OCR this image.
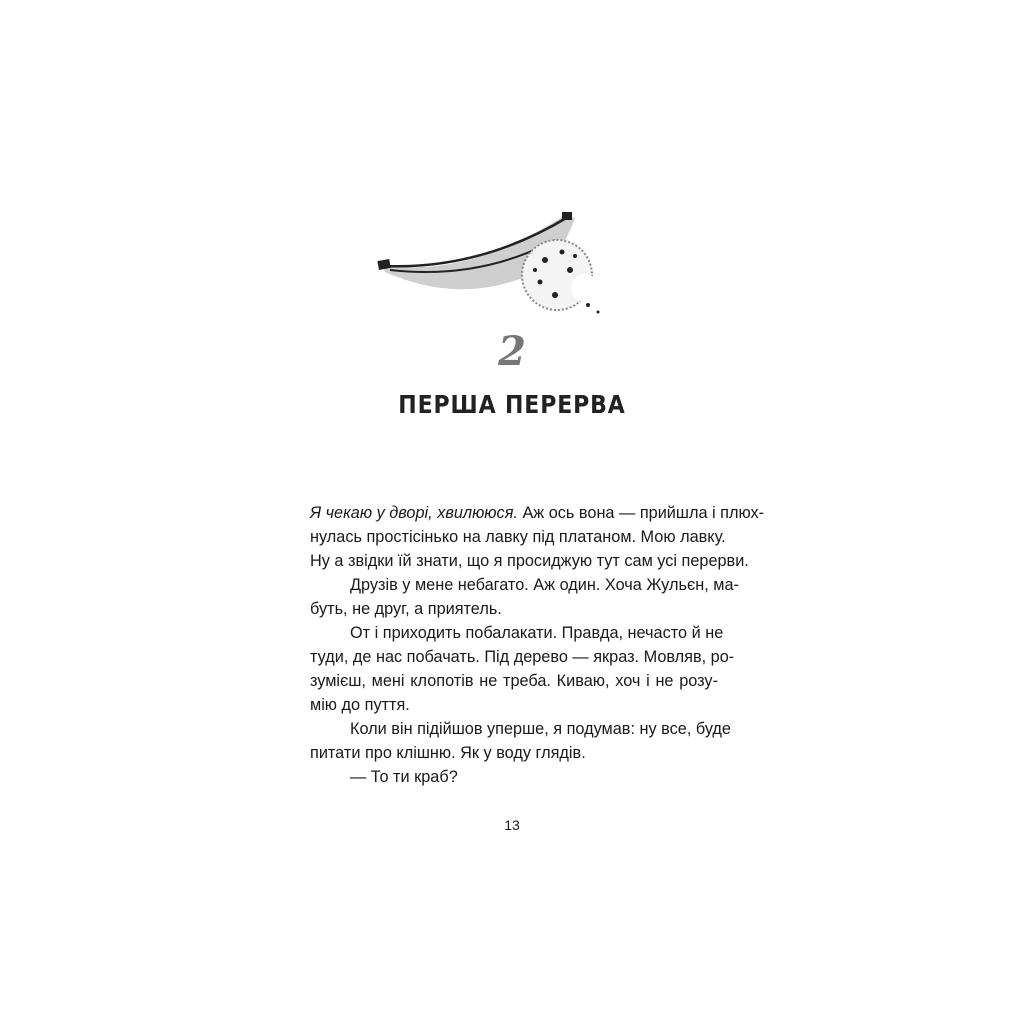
2
ПЕРША ПЕРЕРВА
Я чекаю у дворі, хвилююся. Аж ось вона — прийшла і плюх-
нулась простісінько на лавку під платаном. Мою лавку.
Ну а звідки їй знати, що я просиджую тут сам усі перерви.
Друзів у мене небагато. Аж один. Хоча Жульєн, ма-
буть, не друг, а приятель.
От і приходить побалакати. Правда, нечасто й не
туди, де нас побачать. Під дерево — якраз. Мовляв, ро-
зумієш, мені клопотів не треба. Киваю, хоч і не розу-
мію до пуття.
Коли він підійшов уперше, я подумав: ну все, буде
питати про клішню. Як у воду глядів.
— То ти краб?
13
